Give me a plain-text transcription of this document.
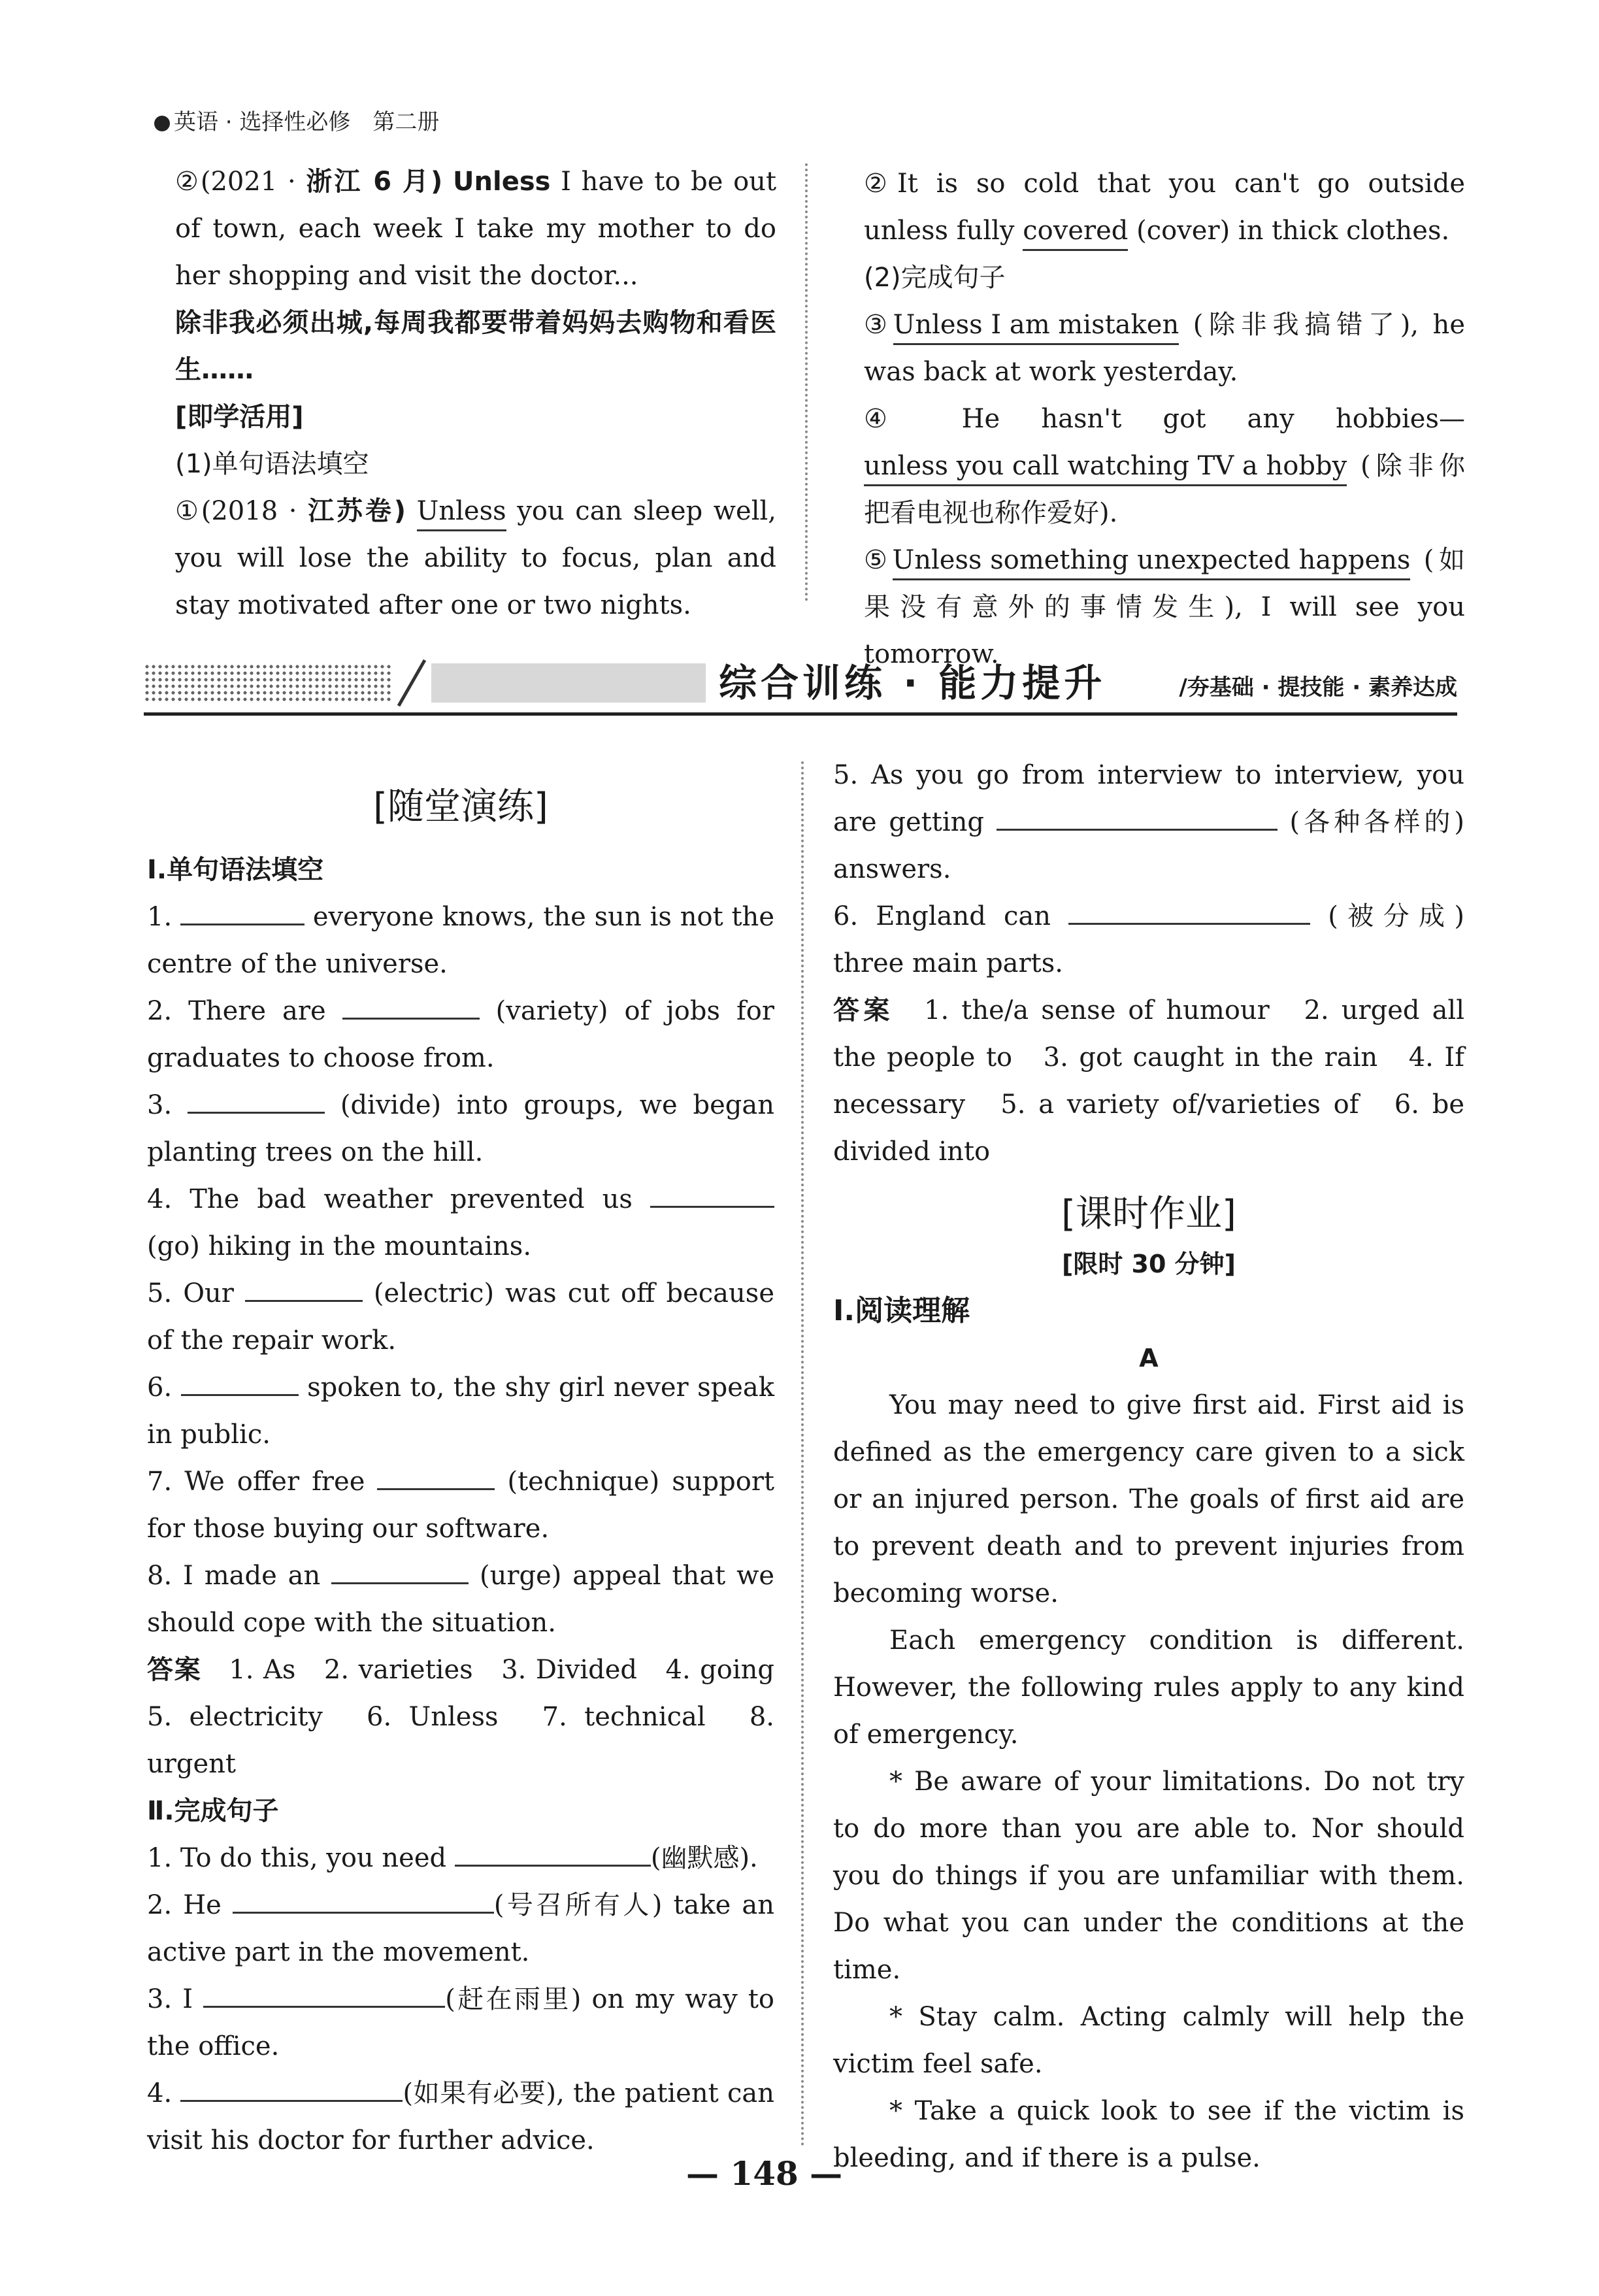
英语 · 选择性必修　第二册

②(2021 · 浙江 6 月) Unless I have to be out of town, each week I take my mother to do her shopping and visit the doctor...

除非我必须出城,每周我都要带着妈妈去购物和看医生……

[即学活用]

(1)单句语法填空

①(2018 · 江苏卷) Unless you can sleep well, you will lose the ability to focus, plan and stay motivated after one or two nights.

②It is so cold that you can't go outside unless fully covered (cover) in thick clothes.

(2)完成句子

③Unless I am mistaken (除非我搞错了), he was back at work yesterday.

④ He hasn't got any hobbies—unless you call watching TV a hobby (除非你把看电视也称作爱好).

⑤Unless something unexpected happens (如果没有意外的事情发生), I will see you tomorrow.

综合训练 · 能力提升	/夯基础 · 提技能 · 素养达成

[随堂演练]

Ⅰ.单句语法填空

1.	everyone knows, the sun is not the centre of the universe.

2. There are	(variety) of jobs for graduates to choose from.

3.	(divide) into groups, we began planting trees on the hill.

4. The bad weather prevented us  (go) hiking in the mountains.

5. Our	(electric) was cut off because of the repair work.

6.	spoken to, the shy girl never speak in public.

7. We offer free	(technique) support for those buying our software.

8. I made an	(urge) appeal that we should cope with the situation.

答案　 1. As　2. varieties　3. Divided　4. going　5. electricity　6. Unless　7. technical　8. urgent

Ⅱ.完成句子

1. To do this, you need	(幽默感).

2. He	(号召所有人) take an active part in the movement.

3. I	(赶在雨里) on my way to the office.

4.	(如果有必要), the patient can visit his doctor for further advice.

5. As you go from interview to interview, you are getting	(各种各样的) answers.

6. England can	(被分成) three main parts.

答案　 1. the/a sense of humour　2. urged all the people to　3. got caught in the rain　4. If necessary　5. a variety of/varieties of　6. be divided into

[课时作业]

[限时 30 分钟]

Ⅰ.阅读理解

A

You may need to give first aid. First aid is defined as the emergency care given to a sick or an injured person. The goals of first aid are to prevent death and to prevent injuries from becoming worse.

Each emergency condition is different. However, the following rules apply to any kind of emergency.

* Be aware of your limitations. Do not try to do more than you are able to. Nor should you do things if you are unfamiliar with them. Do what you can under the conditions at the time.

* Stay calm. Acting calmly will help the victim feel safe.

* Take a quick look to see if the victim is bleeding, and if there is a pulse.

— 148 —
